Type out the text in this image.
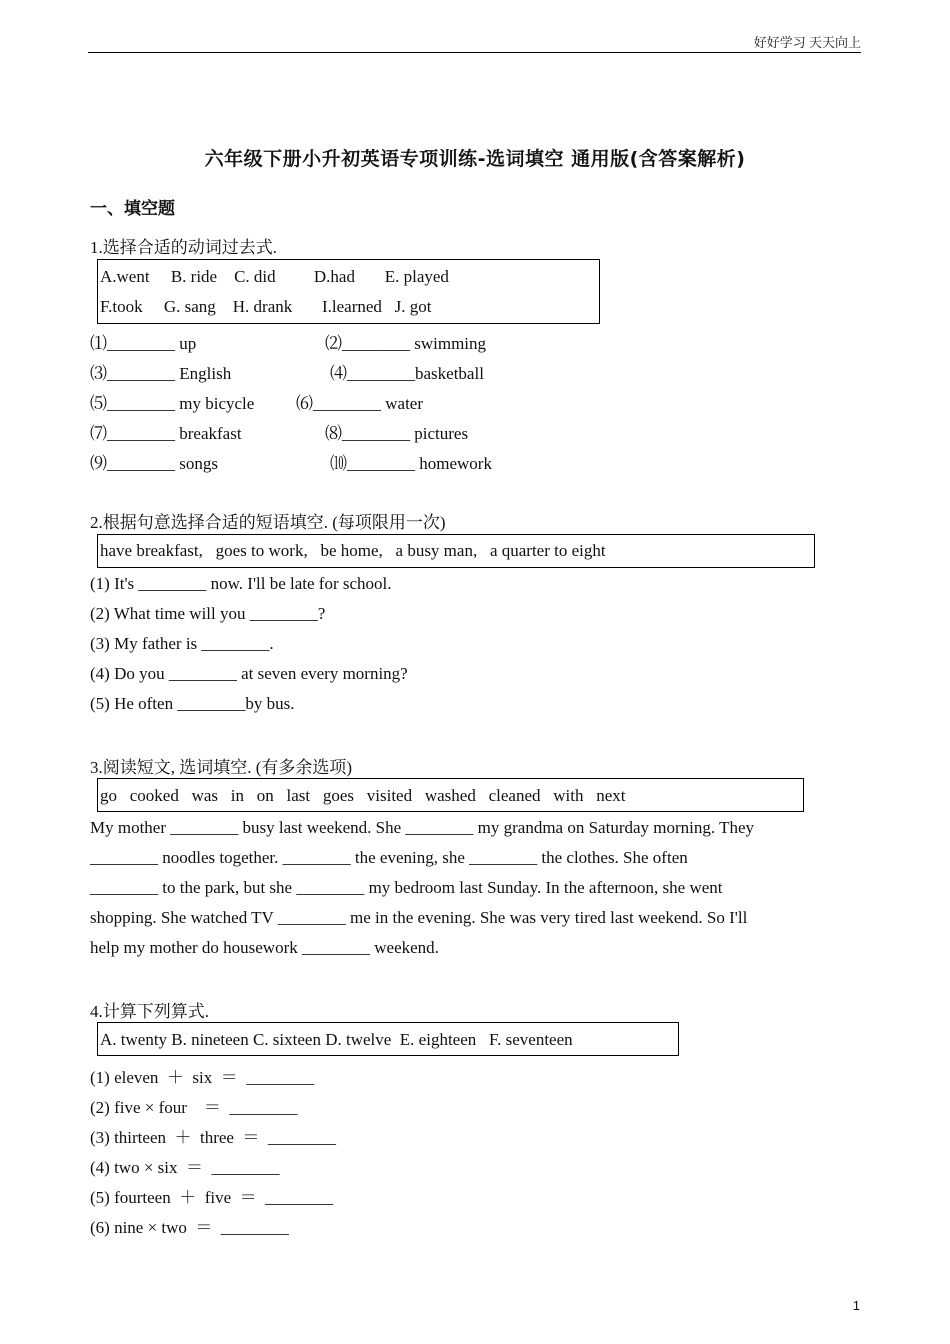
好好学习 天天向上
六年级下册小升初英语专项训练-选词填空 通用版(含答案解析)
一、填空题
1.选择合适的动词过去式.
A.went     B. ride    C. did         D.had       E. played
F.took     G. sang    H. drank       I.learned   J. got
⑴________ up	⑵________ swimming
⑶________ English	⑷________basketball
⑸________ my bicycle ⑹________ water
⑺________ breakfast	⑻________ pictures
⑼________ songs	⑽________ homework
2.根据句意选择合适的短语填空. (每项限用一次)
have breakfast,   goes to work,   be home,   a busy man,   a quarter to eight
(1) It's ________ now. I'll be late for school.
(2) What time will you ________?
(3) My father is ________.
(4) Do you ________ at seven every morning?
(5) He often ________by bus.
3.阅读短文, 选词填空. (有多余选项)
go   cooked   was   in   on   last   goes   visited   washed   cleaned   with   next
My mother ________ busy last weekend. She ________ my grandma on Saturday morning. They
________ noodles together. ________ the evening, she ________ the clothes. She often
________ to the park, but she ________ my bedroom last Sunday. In the afternoon, she went
shopping. She watched TV ________ me in the evening. She was very tired last weekend. So I'll
help my mother do housework ________ weekend.
4.计算下列算式.
A. twenty B. nineteen C. sixteen D. twelve  E. eighteen   F. seventeen
(1) eleven  ＋  six  ＝  ________
(2) five × four    ＝  ________
(3) thirteen  ＋  three  ＝  ________
(4) two × six  ＝  ________
(5) fourteen  ＋  five  ＝  ________
(6) nine × two  ＝  ________
1
